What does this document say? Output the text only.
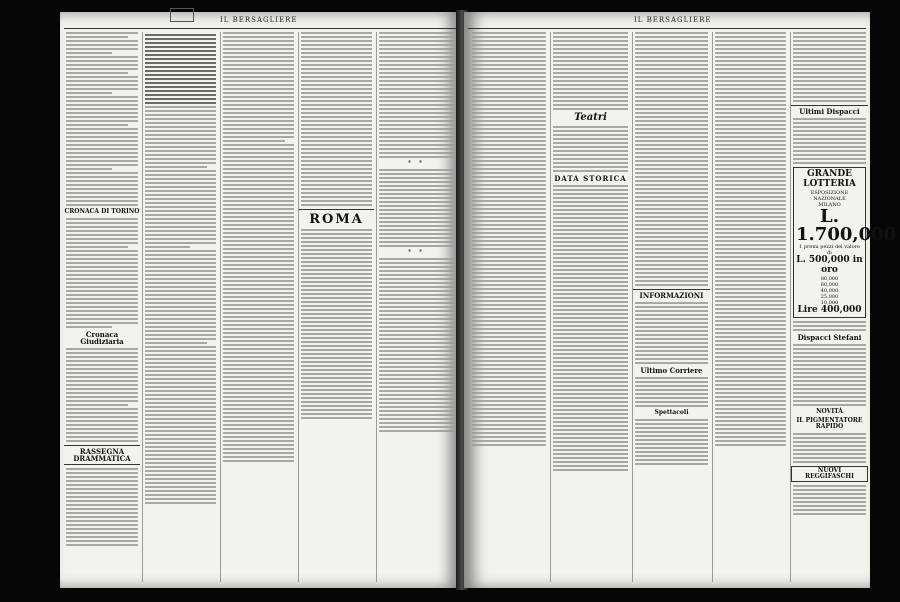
IL BERSAGLIERE
CRONACA DI TORINO
Cronaca Giudiziaria
RASSEGNA DRAMMATICA
ROMA
* *
* *
IL BERSAGLIERE
Teatri
DATA STORICA
INFORMAZIONI
Ultimo Corriere
Spettacoli
Ultimi Dispacci
GRANDE LOTTERIA
ESPOSIZIONE NAZIONALE
MILANO
L. 1.700,000
1 premi pezzi del valore di
L. 500,000 in oro
80,000
60,000
40,000
25,000
10,000
Lire 400,000
Dispacci Stefani
NOVITÀ
IL PIGMENTATORE RAPIDO
NUOVI REGGIFASCHI
